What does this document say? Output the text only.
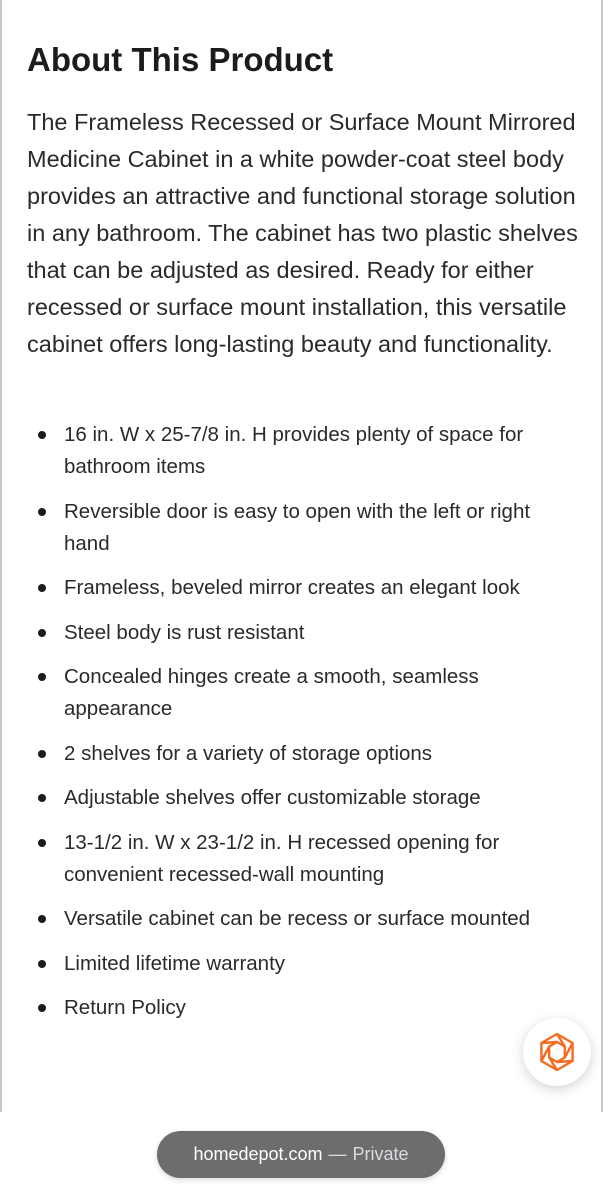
About This Product

The Frameless Recessed or Surface Mount Mirrored Medicine Cabinet in a white powder-coat steel body provides an attractive and functional storage solution in any bathroom. The cabinet has two plastic shelves that can be adjusted as desired. Ready for either recessed or surface mount installation, this versatile cabinet offers long-lasting beauty and functionality.

16 in. W x 25-7/8 in. H provides plenty of space for bathroom items
Reversible door is easy to open with the left or right hand
Frameless, beveled mirror creates an elegant look
Steel body is rust resistant
Concealed hinges create a smooth, seamless appearance
2 shelves for a variety of storage options
Adjustable shelves offer customizable storage
13-1/2 in. W x 23-1/2 in. H recessed opening for convenient recessed-wall mounting
Versatile cabinet can be recess or surface mounted
Limited lifetime warranty
Return Policy
homedepot.com — Private
